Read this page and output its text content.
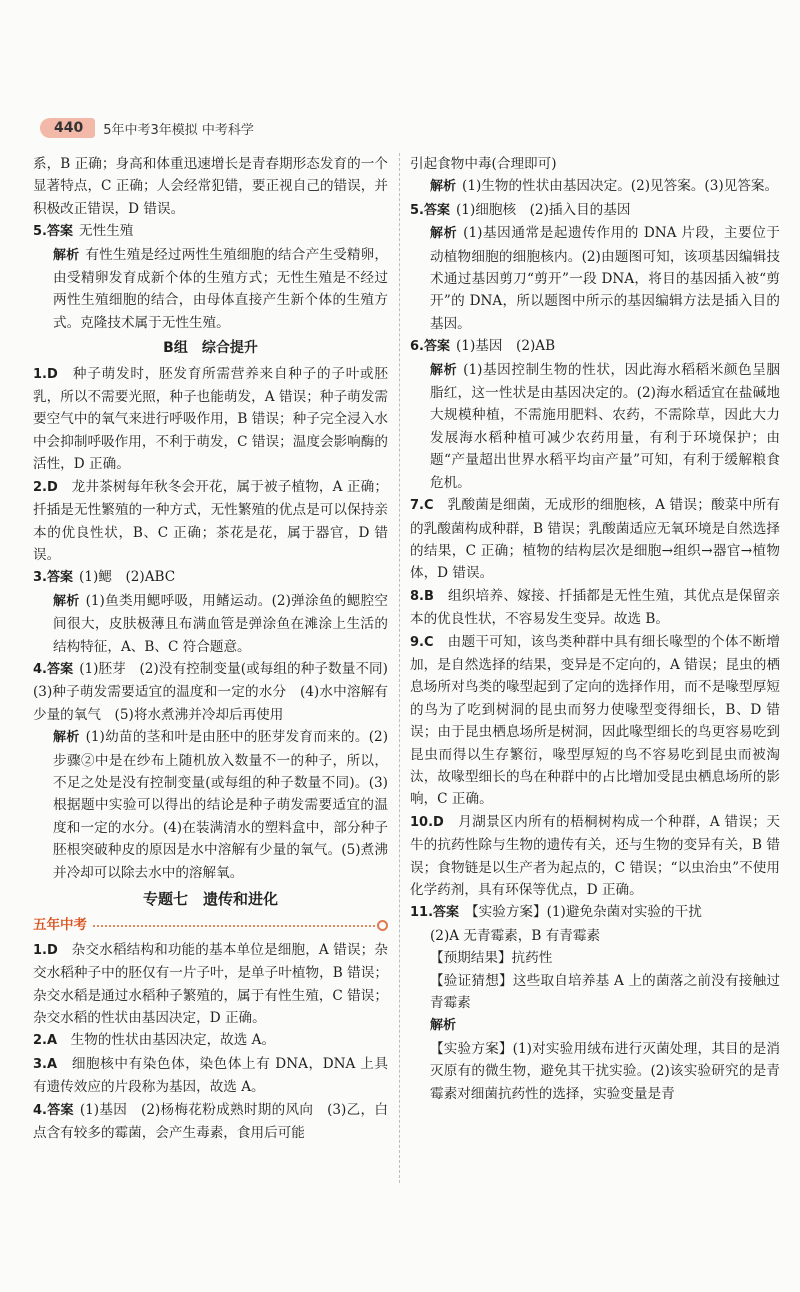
440	5年中考3年模拟 中考科学

系，B 正确；身高和体重迅速增长是青春期形态发育的一个显著特点，C 正确；人会经常犯错，要正视自己的错误，并积极改正错误，D 错误。

5.答案 无性生殖

解析 有性生殖是经过两性生殖细胞的结合产生受精卵，由受精卵发育成新个体的生殖方式；无性生殖是不经过两性生殖细胞的结合，由母体直接产生新个体的生殖方式。克隆技术属于无性生殖。

B组　综合提升

1.D　 种子萌发时，胚发育所需营养来自种子的子叶或胚乳，所以不需要光照，种子也能萌发，A 错误；种子萌发需要空气中的氧气来进行呼吸作用，B 错误；种子完全浸入水中会抑制呼吸作用，不利于萌发，C 错误；温度会影响酶的活性，D 正确。

2.D　 龙井茶树每年秋冬会开花，属于被子植物，A 正确；扦插是无性繁殖的一种方式，无性繁殖的优点是可以保持亲本的优良性状，B、C 正确；茶花是花，属于器官，D 错误。

3.答案 (1)鳃　(2)ABC

解析 (1)鱼类用鳃呼吸，用鳍运动。(2)弹涂鱼的鳃腔空间很大，皮肤极薄且布满血管是弹涂鱼在滩涂上生活的结构特征，A、B、C 符合题意。

4.答案 (1)胚芽　(2)没有控制变量(或每组的种子数量不同)　(3)种子萌发需要适宜的温度和一定的水分　(4)水中溶解有少量的氧气　(5)将水煮沸并冷却后再使用

解析 (1)幼苗的茎和叶是由胚中的胚芽发育而来的。(2)步骤②中是在纱布上随机放入数量不一的种子，所以，不足之处是没有控制变量(或每组的种子数量不同)。(3)根据题中实验可以得出的结论是种子萌发需要适宜的温度和一定的水分。(4)在装满清水的塑料盒中，部分种子胚根突破种皮的原因是水中溶解有少量的氧气。(5)煮沸并冷却可以除去水中的溶解氧。

专题七　遗传和进化
五年中考

1.D　 杂交水稻结构和功能的基本单位是细胞，A 错误；杂交水稻种子中的胚仅有一片子叶，是单子叶植物，B 错误；杂交水稻是通过水稻种子繁殖的，属于有性生殖，C 错误；杂交水稻的性状由基因决定，D 正确。

2.A　 生物的性状由基因决定，故选 A。

3.A　 细胞核中有染色体，染色体上有 DNA，DNA 上具有遗传效应的片段称为基因，故选 A。

4.答案 (1)基因　(2)杨梅花粉成熟时期的风向　(3)乙，白点含有较多的霉菌，会产生毒素，食用后可能

引起食物中毒(合理即可)

解析 (1)生物的性状由基因决定。(2)见答案。(3)见答案。

5.答案 (1)细胞核　(2)插入目的基因

解析 (1)基因通常是起遗传作用的 DNA 片段，主要位于动植物细胞的细胞核内。(2)由题图可知，该项基因编辑技术通过基因剪刀“剪开”一段 DNA，将目的基因插入被“剪开”的 DNA，所以题图中所示的基因编辑方法是插入目的基因。

6.答案 (1)基因　(2)AB

解析 (1)基因控制生物的性状，因此海水稻稻米颜色呈胭脂红，这一性状是由基因决定的。(2)海水稻适宜在盐碱地大规模种植，不需施用肥料、农药，不需除草，因此大力发展海水稻种植可减少农药用量，有利于环境保护；由题“产量超出世界水稻平均亩产量”可知，有利于缓解粮食危机。

7.C　 乳酸菌是细菌，无成形的细胞核，A 错误；酸菜中所有的乳酸菌构成种群，B 错误；乳酸菌适应无氧环境是自然选择的结果，C 正确；植物的结构层次是细胞→组织→器官→植物体，D 错误。

8.B　 组织培养、嫁接、扦插都是无性生殖，其优点是保留亲本的优良性状，不容易发生变异。故选 B。

9.C　 由题干可知，该鸟类种群中具有细长喙型的个体不断增加，是自然选择的结果，变异是不定向的，A 错误；昆虫的栖息场所对鸟类的喙型起到了定向的选择作用，而不是喙型厚短的鸟为了吃到树洞的昆虫而努力使喙型变得细长，B、D 错误；由于昆虫栖息场所是树洞，因此喙型细长的鸟更容易吃到昆虫而得以生存繁衍，喙型厚短的鸟不容易吃到昆虫而被淘汰，故喙型细长的鸟在种群中的占比增加受昆虫栖息场所的影响，C 正确。

10.D　 月湖景区内所有的梧桐树构成一个种群，A 错误；天牛的抗药性除与生物的遗传有关，还与生物的变异有关，B 错误；食物链是以生产者为起点的，C 错误；“以虫治虫”不使用化学药剂，具有环保等优点，D 正确。

11.答案 【实验方案】(1)避免杂菌对实验的干扰

(2)A 无青霉素，B 有青霉素

【预期结果】抗药性

【验证猜想】这些取自培养基 A 上的菌落之前没有接触过青霉素

解析

【实验方案】(1)对实验用绒布进行灭菌处理，其目的是消灭原有的微生物，避免其干扰实验。(2)该实验研究的是青霉素对细菌抗药性的选择，实验变量是青
